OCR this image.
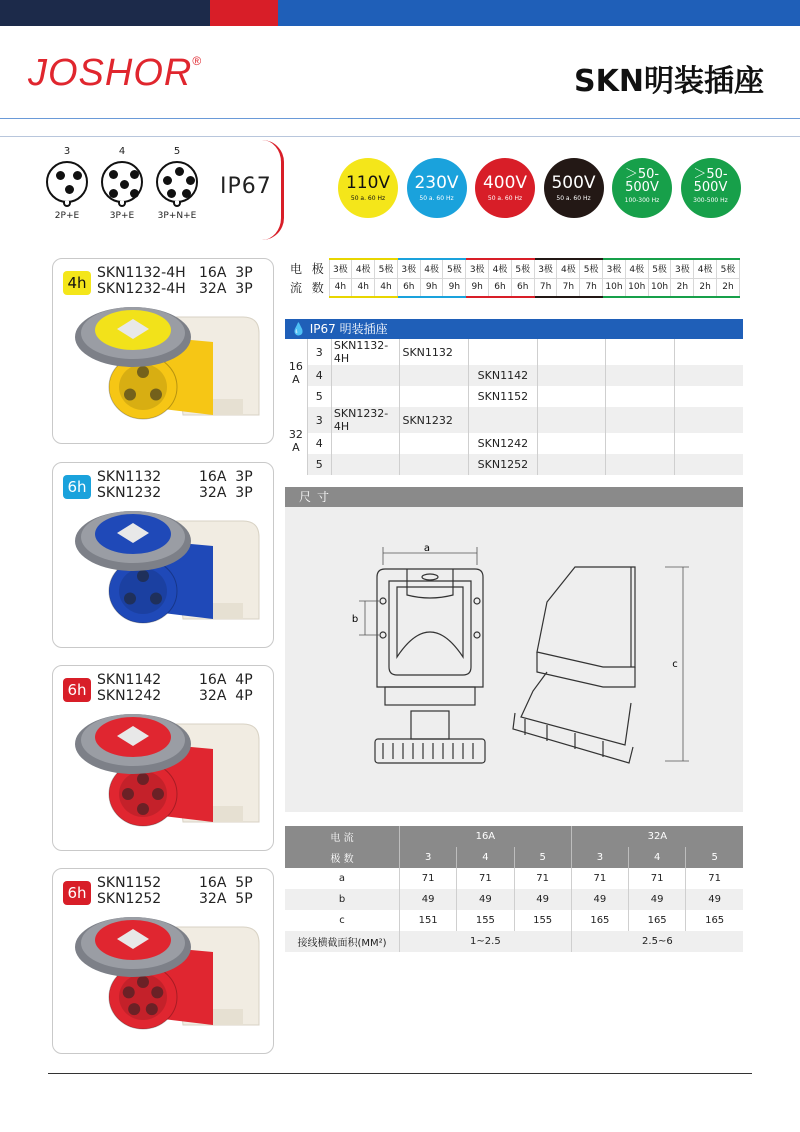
JOSHOR®
SKN明装插座
3
2P+E
4
3P+E
5
3P+N+E
IP67	110V
50 a. 60 Hz
230V
50 a. 60 Hz
400V
50 a. 60 Hz
500V
50 a. 60 Hz
＞50-
500V
100-300 Hz
＞50-
500V
300-500 Hz
4h
SKN1132-4H
SKN1232-4H
16A  3P
32A  3P
6h
SKN1132
SKN1232
16A  3P
32A  3P
6h
SKN1142
SKN1242
16A  4P
32A  4P
6h
SKN1152
SKN1252
16A  5P
32A  5P
电	极	3极	4极	5极	3极	4极	5极	3极	4极	5极	3极	4极	5极	3极	4极	5极	3极	4极	5极
流	数	4h	4h	4h	6h	9h	9h	9h	6h	6h	7h	7h	7h	10h	10h	10h	2h	2h	2h
💧 IP67 明装插座
16
A	3	SKN1132-4H	SKN1132				
	4			SKN1142			
	5			SKN1152			

32
A	3	SKN1232-4H	SKN1232				
	4			SKN1242			
	5			SKN1252			
尺寸
a
b
c
电 流	16A			32A		
极 数	3	4	5	3	4	5
a	71	71	71	71	71	71
b	49	49	49	49	49	49
c	151	155	155	165	165	165
接线横截面积(MM²)	1~2.5			2.5~6		
